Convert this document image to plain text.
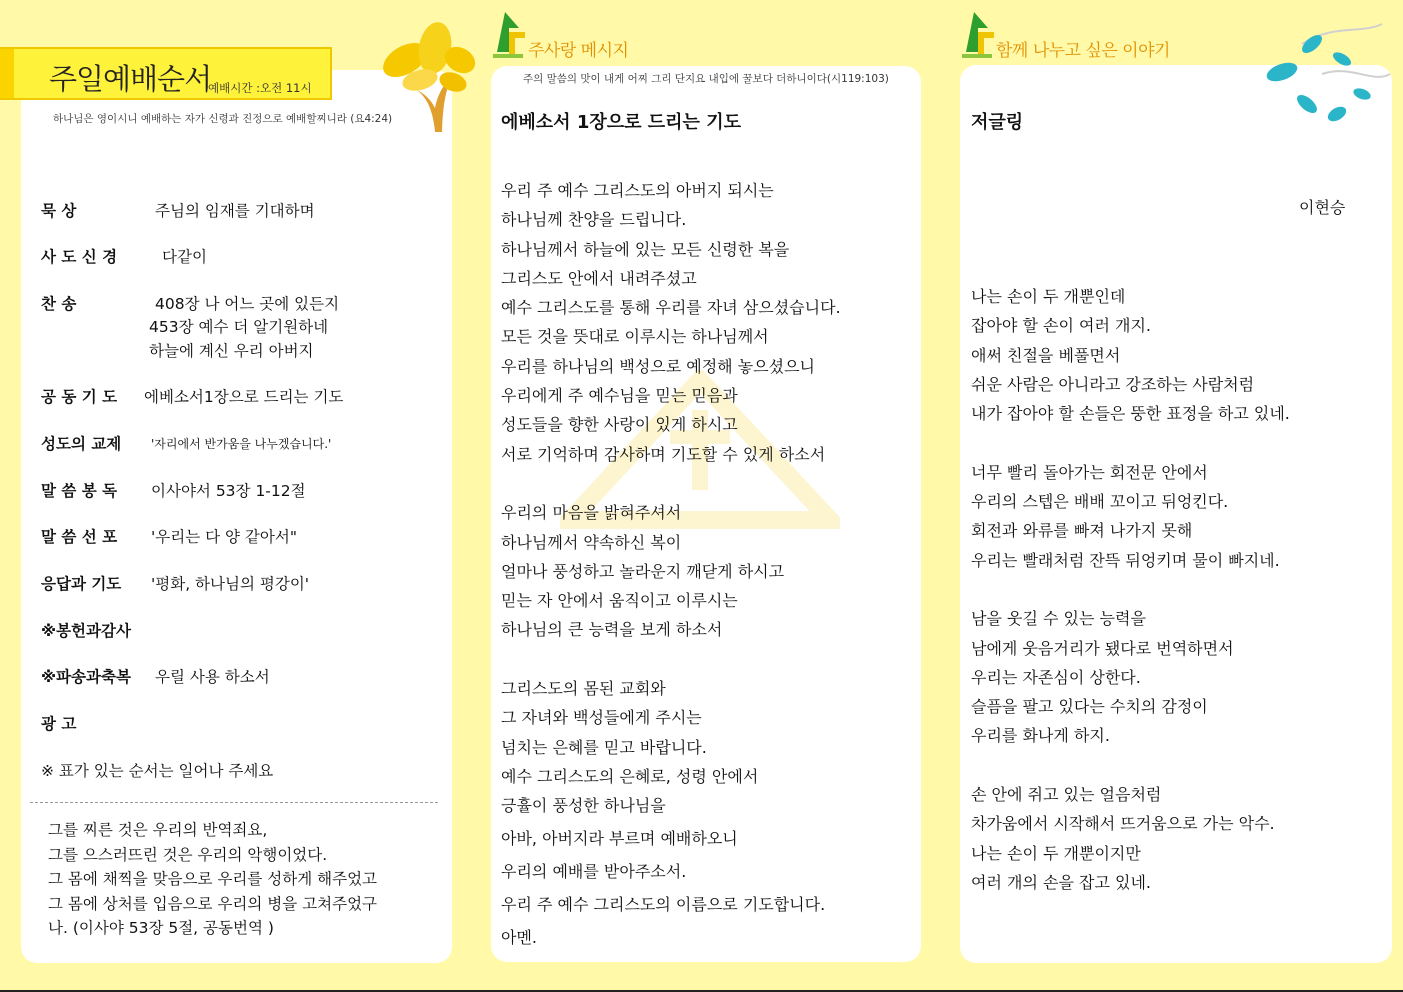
주일예배순서
예배시간 :오전 11시
하나님은 영이시니 예배하는 자가 신령과 진정으로 예배할찌니라 (요4:24)
묵 상	주님의 임재를 기대하며
사 도 신 경	다같이
찬 송	408장 나 어느 곳에 있든지
453장 예수 더 알기원하네
하늘에 계신 우리 아버지
공 동 기 도 에베소서1장으로 드리는 기도
성도의 교제 '자리에서 반가움을 나누겠습니다.'
말 씀 봉 독 이사야서 53장 1-12절
말 씀 선 포 '우리는 다 양 같아서"
응답과 기도 '평화, 하나님의 평강이'
※봉헌과감사
※파송과축복 우릴 사용 하소서
광 고
※ 표가 있는 순서는 일어나 주세요
그를 찌른 것은 우리의 반역죄요,
그를 으스러뜨린 것은 우리의 악행이었다.
그 몸에 채찍을 맞음으로 우리를 성하게 해주었고
그 몸에 상처를 입음으로 우리의 병을 고쳐주었구
나. (이사야 53장 5절, 공동번역 )
주사랑 메시지
주의 말씀의 맛이 내게 어찌 그리 단지요 내입에 꿀보다 더하니이다(시119:103)
에베소서 1장으로 드리는 기도
우리 주 예수 그리스도의 아버지 되시는
하나님께 찬양을 드립니다.
하나님께서 하늘에 있는 모든 신령한 복을
그리스도 안에서 내려주셨고
예수 그리스도를 통해 우리를 자녀 삼으셨습니다.
모든 것을 뜻대로 이루시는 하나님께서
우리를 하나님의 백성으로 예정해 놓으셨으니
우리에게 주 예수님을 믿는 믿음과
성도들을 향한 사랑이 있게 하시고
서로 기억하며 감사하며 기도할 수 있게 하소서
우리의 마음을 밝혀주셔서
하나님께서 약속하신 복이
얼마나 풍성하고 놀라운지 깨닫게 하시고
믿는 자 안에서 움직이고 이루시는
하나님의 큰 능력을 보게 하소서
그리스도의 몸된 교회와
그 자녀와 백성들에게 주시는
넘치는 은혜를 믿고 바랍니다.
예수 그리스도의 은혜로, 성령 안에서
긍휼이 풍성한 하나님을
아바, 아버지라 부르며 예배하오니
우리의 예배를 받아주소서.
우리 주 예수 그리스도의 이름으로 기도합니다.
아멘.
함께 나누고 싶은 이야기
저글링
이현승
나는 손이 두 개뿐인데
잡아야 할 손이 여러 개지.
애써 친절을 베풀면서
쉬운 사람은 아니라고 강조하는 사람처럼
내가 잡아야 할 손들은 뚱한 표정을 하고 있네.
너무 빨리 돌아가는 회전문 안에서
우리의 스텝은 배배 꼬이고 뒤엉킨다.
회전과 와류를 빠져 나가지 못해
우리는 빨래처럼 잔뜩 뒤엉키며 물이 빠지네.
남을 웃길 수 있는 능력을
남에게 웃음거리가 됐다로 번역하면서
우리는 자존심이 상한다.
슬픔을 팔고 있다는 수치의 감정이
우리를 화나게 하지.
손 안에 쥐고 있는 얼음처럼
차가움에서 시작해서 뜨거움으로 가는 악수.
나는 손이 두 개뿐이지만
여러 개의 손을 잡고 있네.
